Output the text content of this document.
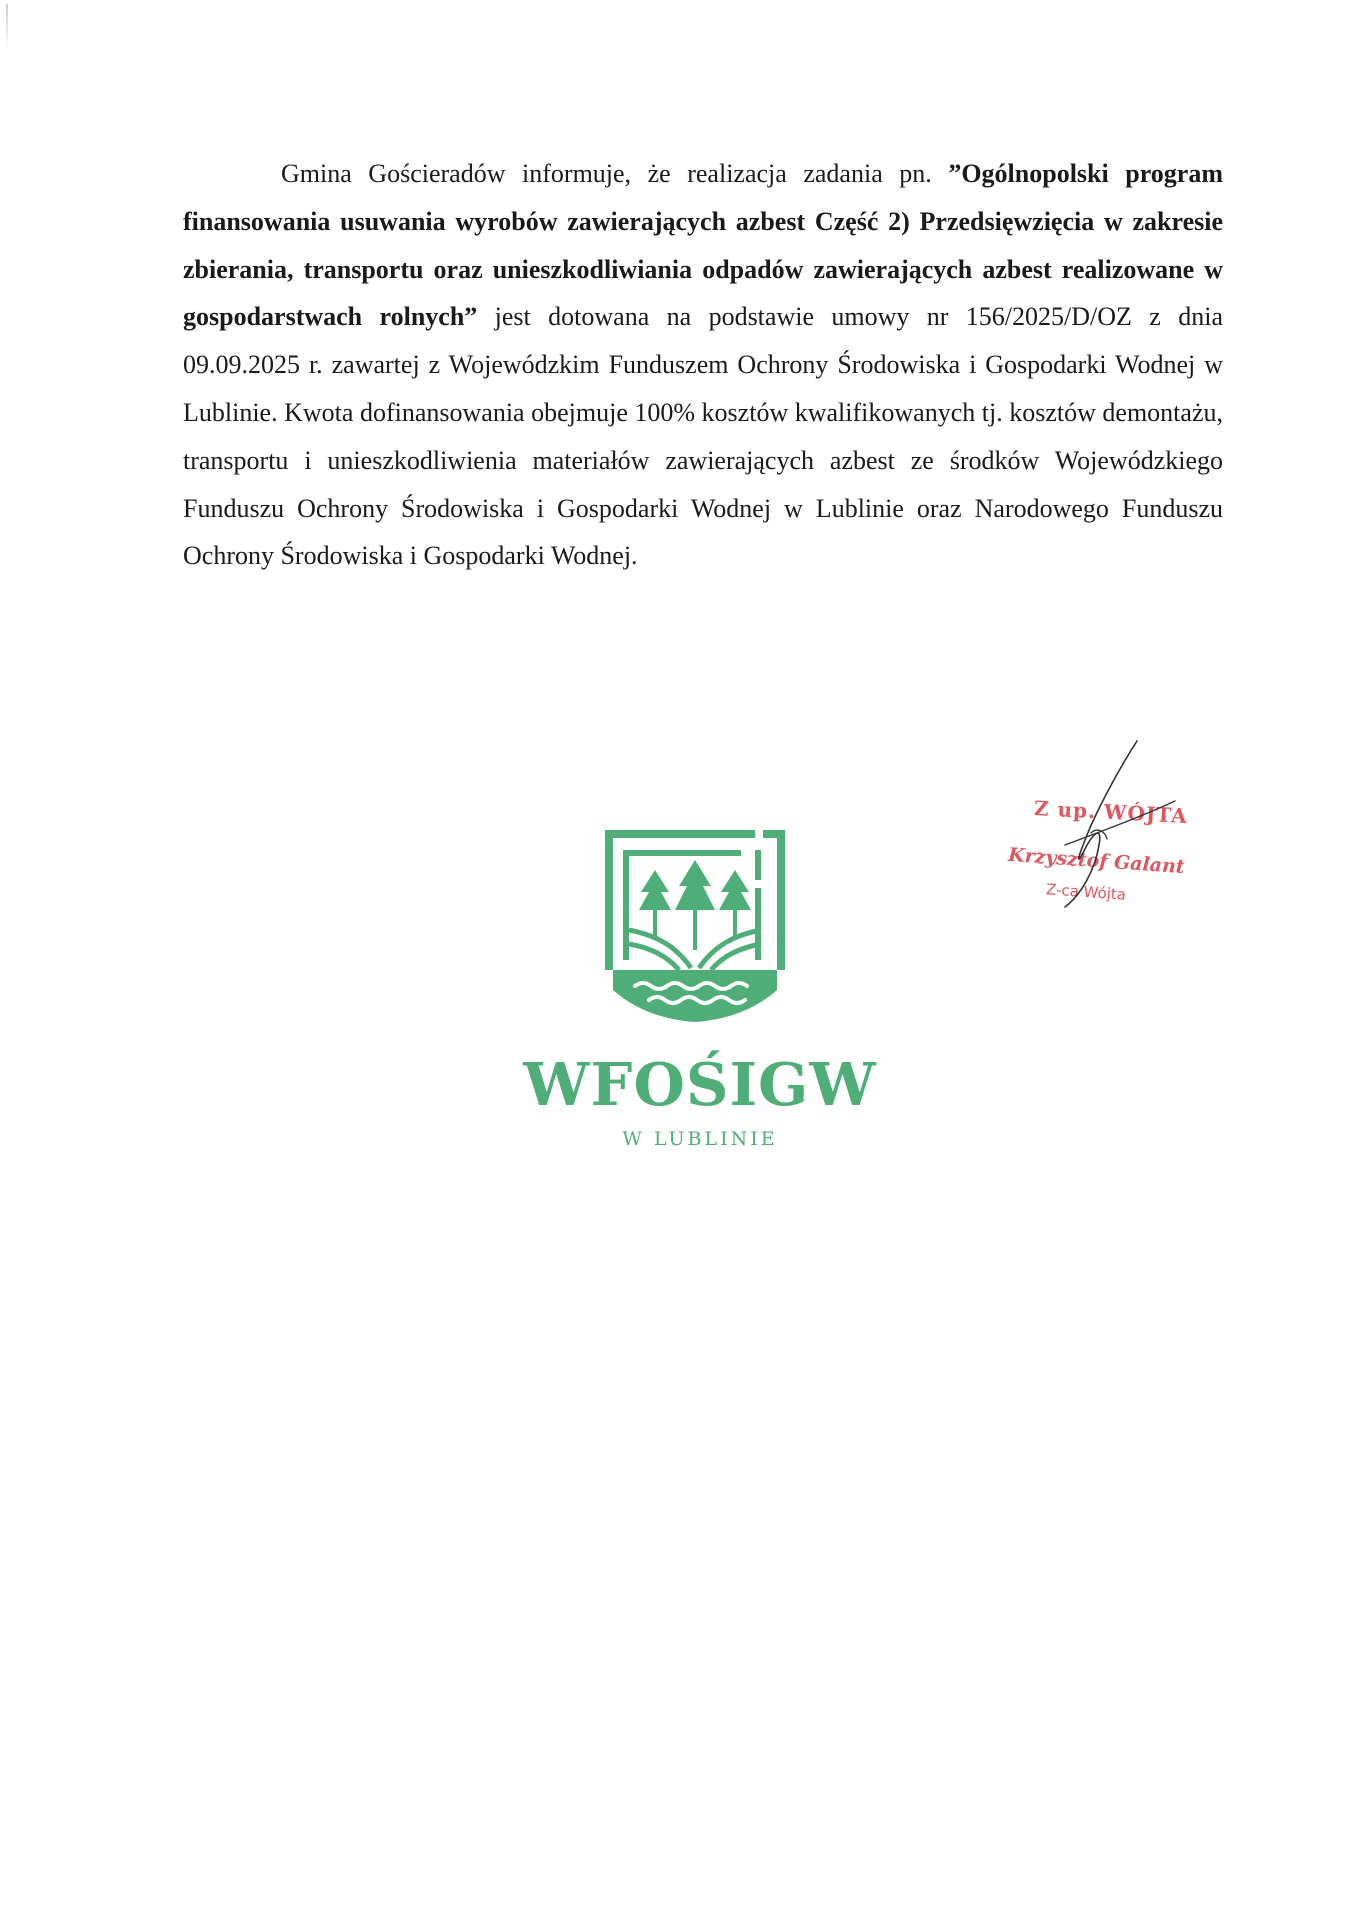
Gmina Gościeradów informuje, że realizacja zadania pn. ”Ogólnopolski program finansowania usuwania wyrobów zawierających azbest Część 2) Przedsięwzięcia w zakresie zbierania, transportu oraz unieszkodliwiania odpadów zawierających azbest realizowane w gospodarstwach rolnych” jest dotowana na podstawie umowy nr 156/2025/D/OZ z dnia 09.09.2025 r. zawartej z Wojewódzkim Funduszem Ochrony Środowiska i Gospodarki Wodnej w Lublinie. Kwota dofinansowania obejmuje 100% kosztów kwalifikowanych tj. kosztów demontażu, transportu i unieszkodliwienia materiałów zawierających azbest ze środków Wojewódzkiego Funduszu Ochrony Środowiska i Gospodarki Wodnej w Lublinie oraz Narodowego Funduszu Ochrony Środowiska i Gospodarki Wodnej.

Z up. WÓJTA
Krzysztof Galant
Z-ca Wójta
WFOŚIGW
W LUBLINIE
